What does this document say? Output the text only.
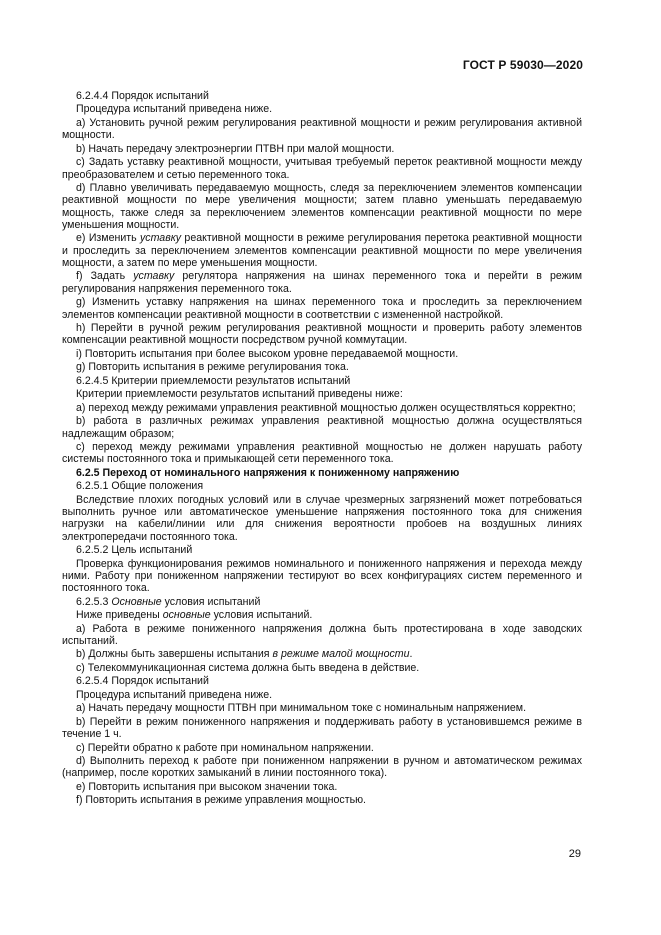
ГОСТ Р 59030—2020

6.2.4.4 Порядок испытаний

Процедура испытаний приведена ниже.

a) Установить ручной режим регулирования реактивной мощности и режим регулирования активной мощности.

b) Начать передачу электроэнергии ПТВН при малой мощности.

c) Задать уставку реактивной мощности, учитывая требуемый переток реактивной мощности между преобразователем и сетью переменного тока.

d) Плавно увеличивать передаваемую мощность, следя за переключением элементов компенсации реактивной мощности по мере увеличения мощности; затем плавно уменьшать передаваемую мощность, также следя за переключением элементов компенсации реактивной мощности по мере уменьшения мощности.

e) Изменить уставку реактивной мощности в режиме регулирования перетока реактивной мощности и проследить за переключением элементов компенсации реактивной мощности по мере увеличения мощности, а затем по мере уменьшения мощности.

f) Задать уставку регулятора напряжения на шинах переменного тока и перейти в режим регулирования напряжения переменного тока.

g) Изменить уставку напряжения на шинах переменного тока и проследить за переключением элементов компенсации реактивной мощности в соответствии с измененной настройкой.

h) Перейти в ручной режим регулирования реактивной мощности и проверить работу элементов компенсации реактивной мощности посредством ручной коммутации.

i) Повторить испытания при более высоком уровне передаваемой мощности.

g) Повторить испытания в режиме регулирования тока.

6.2.4.5 Критерии приемлемости результатов испытаний

Критерии приемлемости результатов испытаний приведены ниже:

a) переход между режимами управления реактивной мощностью должен осуществляться корректно;

b) работа в различных режимах управления реактивной мощностью должна осуществляться надлежащим образом;

c) переход между режимами управления реактивной мощностью не должен нарушать работу системы постоянного тока и примыкающей сети переменного тока.

6.2.5 Переход от номинального напряжения к пониженному напряжению

6.2.5.1 Общие положения

Вследствие плохих погодных условий или в случае чрезмерных загрязнений может потребоваться выполнить ручное или автоматическое уменьшение напряжения постоянного тока для снижения нагрузки на кабели/линии или для снижения вероятности пробоев на воздушных линиях электропередачи постоянного тока.

6.2.5.2 Цель испытаний

Проверка функционирования режимов номинального и пониженного напряжения и перехода между ними. Работу при пониженном напряжении тестируют во всех конфигурациях систем переменного и постоянного тока.

6.2.5.3 Основные условия испытаний

Ниже приведены основные условия испытаний.

a) Работа в режиме пониженного напряжения должна быть протестирована в ходе заводских испытаний.

b) Должны быть завершены испытания в режиме малой мощности.

c) Телекоммуникационная система должна быть введена в действие.

6.2.5.4 Порядок испытаний

Процедура испытаний приведена ниже.

a) Начать передачу мощности ПТВН при минимальном токе с номинальным напряжением.

b) Перейти в режим пониженного напряжения и поддерживать работу в установившемся режиме в течение 1 ч.

c) Перейти обратно к работе при номинальном напряжении.

d) Выполнить переход к работе при пониженном напряжении в ручном и автоматическом режимах (например, после коротких замыканий в линии постоянного тока).

e) Повторить испытания при высоком значении тока.

f) Повторить испытания в режиме управления мощностью.

29
